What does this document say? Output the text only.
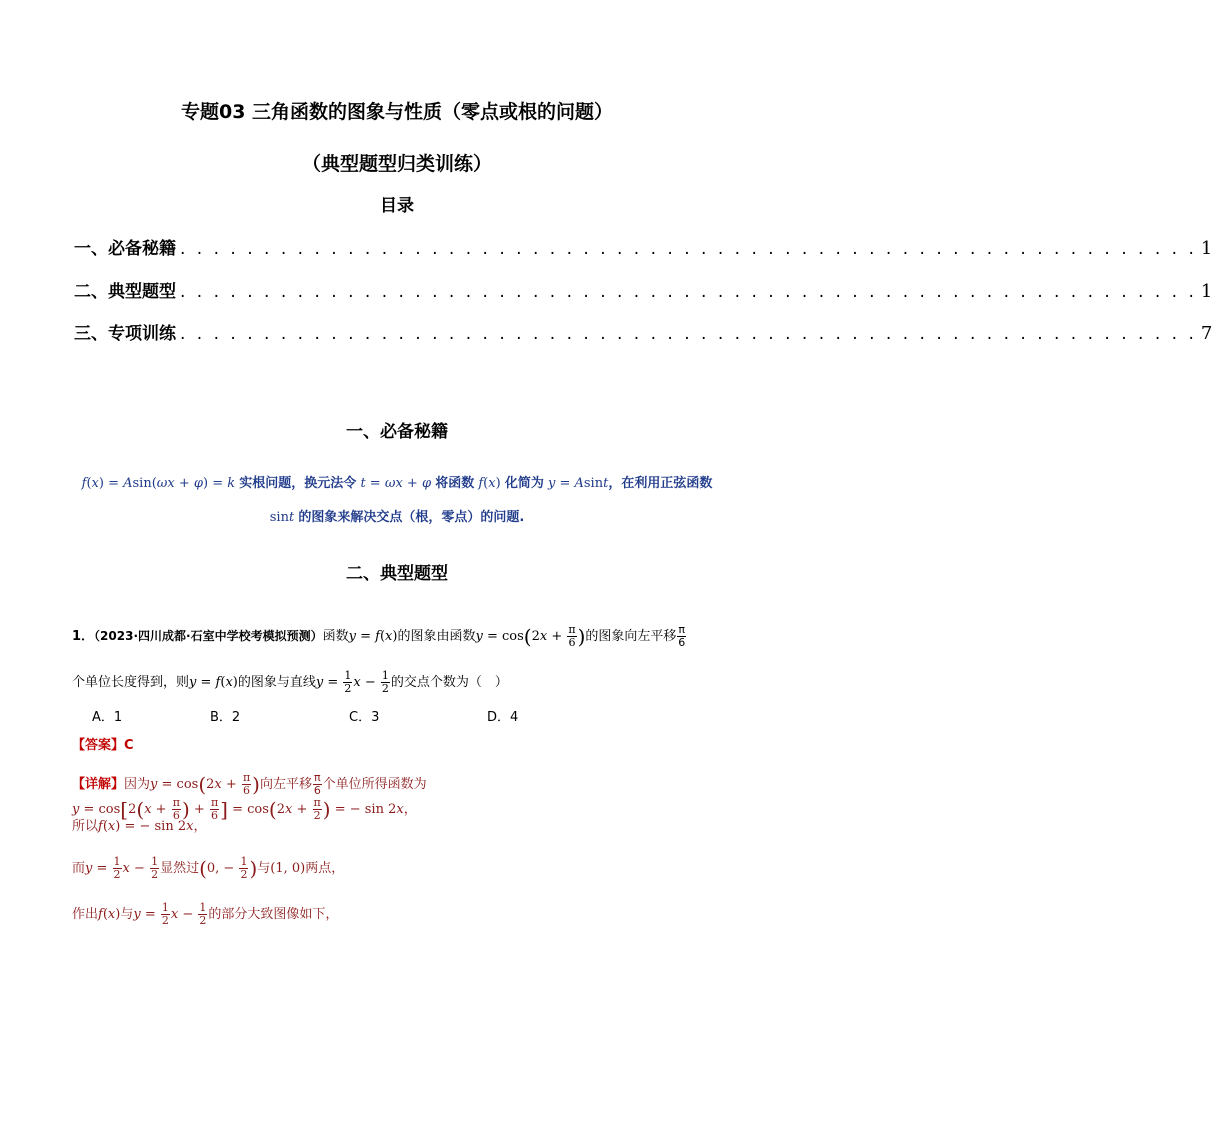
专题03 三角函数的图象与性质（零点或根的问题）
（典型题型归类训练）
目录
一、必备秘籍 . . . . . . . . . . . . . . . . . . . . . . . . . . . . . . . . . . . . . . . . . . . . . . . . . . . . . . . . . . . . . 1
二、典型题型 . . . . . . . . . . . . . . . . . . . . . . . . . . . . . . . . . . . . . . . . . . . . . . . . . . . . . . . . . . . . . 1
三、专项训练 . . . . . . . . . . . . . . . . . . . . . . . . . . . . . . . . . . . . . . . . . . . . . . . . . . . . . . . . . . . . . 7
一、必备秘籍
f(x) = Asin(ωx + φ) = k 实根问题，换元法令 t = ωx + φ 将函数 f(x) 化简为 y = Asint，在利用正弦函数
sint 的图象来解决交点（根，零点）的问题.
二、典型题型
1．（2023·四川成都·石室中学校考模拟预测）函数y = f(x)的图象由函数$y = \cos(2x + \frac{\pi}{6}$ )的图象向左平移 $\frac{\pi}{6}$
个单位长度得到，则y = f(x)的图象与直线$y = \frac{1}{2}$ $x - \frac{1}{2}$ 的交点个数为（　）
A．1	B．2	C．3	D．4
【答案】C
【详解】因为$y = \cos(2x + \frac{\pi}{6}$ )向左平移 $\frac{\pi}{6}$ 个单位所得函数为$y = \cos[2(x + \frac{\pi}{6}$ ) + $\frac{\pi}{6}$ ] = $\cos(2x + \frac{\pi}{2}$ ) = − sin 2x，
所以f(x) = − sin 2x，
而$y = \frac{1}{2}$ $x - \frac{1}{2}$ 显然过(0, − $\frac{1}{2}$ )与(1, 0)两点，
作出f(x)与$y = \frac{1}{2}$ $x - \frac{1}{2}$ 的部分大致图像如下，
